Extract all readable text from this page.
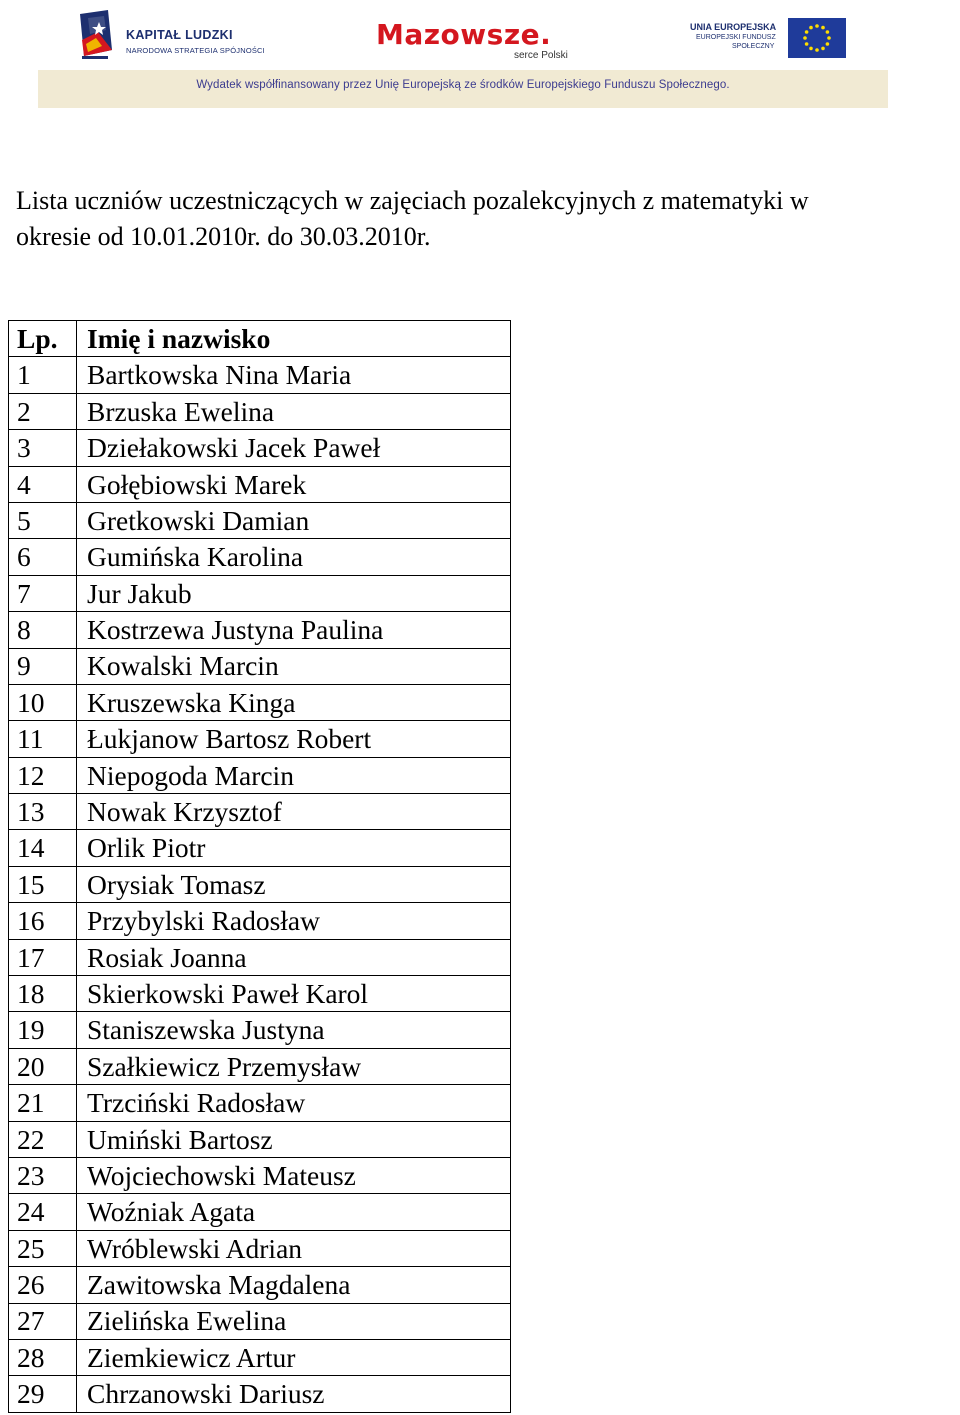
KAPITAŁ LUDZKI
NARODOWA STRATEGIA SPÓJNOŚCI	Mazowsze.
serce Polski
UNIA EUROPEJSKA
EUROPEJSKI FUNDUSZ
SPOŁECZNY
Wydatek współfinansowany przez Unię Europejską ze środków Europejskiego Funduszu Społecznego.
Lista uczniów uczestniczących w zajęciach pozalekcyjnych z matematyki w
okresie od 10.01.2010r. do 30.03.2010r.
Lp.	Imię i nazwisko
1	Bartkowska Nina Maria
2	Brzuska Ewelina
3	Dziełakowski Jacek Paweł
4	Gołębiowski Marek
5	Gretkowski Damian
6	Gumińska Karolina
7	Jur Jakub
8	Kostrzewa Justyna Paulina
9	Kowalski Marcin
10	Kruszewska Kinga
11	Łukjanow Bartosz Robert
12	Niepogoda Marcin
13	Nowak Krzysztof
14	Orlik Piotr
15	Orysiak Tomasz
16	Przybylski Radosław
17	Rosiak Joanna
18	Skierkowski Paweł Karol
19	Staniszewska Justyna
20	Szałkiewicz Przemysław
21	Trzciński Radosław
22	Umiński Bartosz
23	Wojciechowski Mateusz
24	Woźniak Agata
25	Wróblewski Adrian
26	Zawitowska Magdalena
27	Zielińska Ewelina
28	Ziemkiewicz Artur
29	Chrzanowski Dariusz
